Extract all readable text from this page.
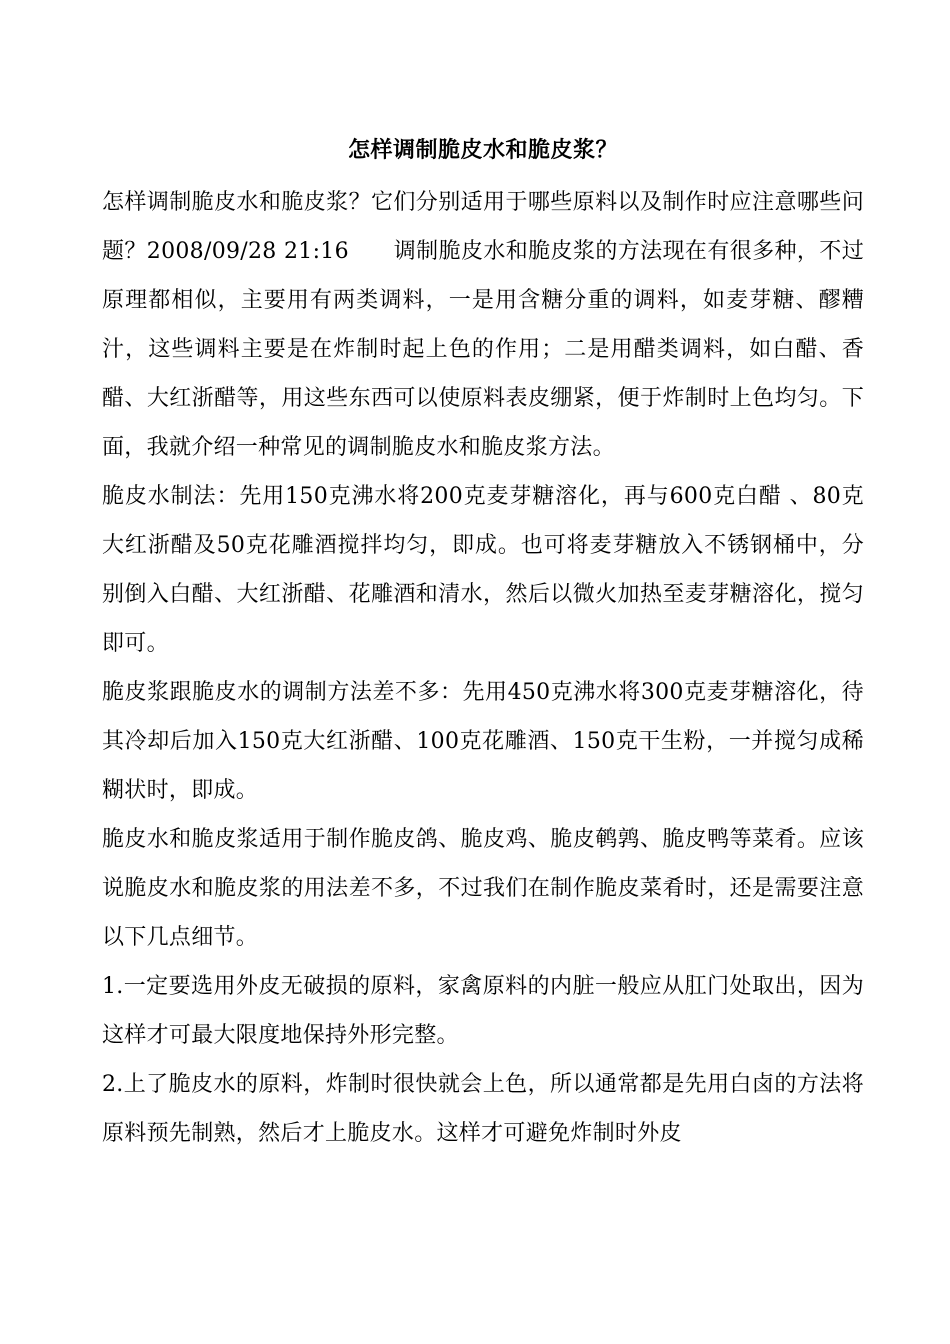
怎样调制脆皮水和脆皮浆？

怎样调制脆皮水和脆皮浆？它们分别适用于哪些原料以及制作时应注意哪些问题？2008/09/28 21:16　　调制脆皮水和脆皮浆的方法现在有很多种，不过原理都相似，主要用有两类调料，一是用含糖分重的调料，如麦芽糖、醪糟汁，这些调料主要是在炸制时起上色的作用；二是用醋类调料，如白醋、香醋、大红浙醋等，用这些东西可以使原料表皮绷紧，便于炸制时上色均匀。下面，我就介绍一种常见的调制脆皮水和脆皮浆方法。

脆皮水制法：先用150克沸水将200克麦芽糖溶化，再与600克白醋 、80克大红浙醋及50克花雕酒搅拌均匀，即成。也可将麦芽糖放入不锈钢桶中，分别倒入白醋、大红浙醋、花雕酒和清水，然后以微火加热至麦芽糖溶化，搅匀即可。

脆皮浆跟脆皮水的调制方法差不多：先用450克沸水将300克麦芽糖溶化，待其冷却后加入150克大红浙醋、100克花雕酒、150克干生粉，一并搅匀成稀糊状时，即成。

脆皮水和脆皮浆适用于制作脆皮鸽、脆皮鸡、脆皮鹌鹑、脆皮鸭等菜肴。应该说脆皮水和脆皮浆的用法差不多，不过我们在制作脆皮菜肴时，还是需要注意以下几点细节。

1.一定要选用外皮无破损的原料，家禽原料的内脏一般应从肛门处取出，因为这样才可最大限度地保持外形完整。

2.上了脆皮水的原料，炸制时很快就会上色，所以通常都是先用白卤的方法将原料预先制熟，然后才上脆皮水。这样才可避免炸制时外皮
